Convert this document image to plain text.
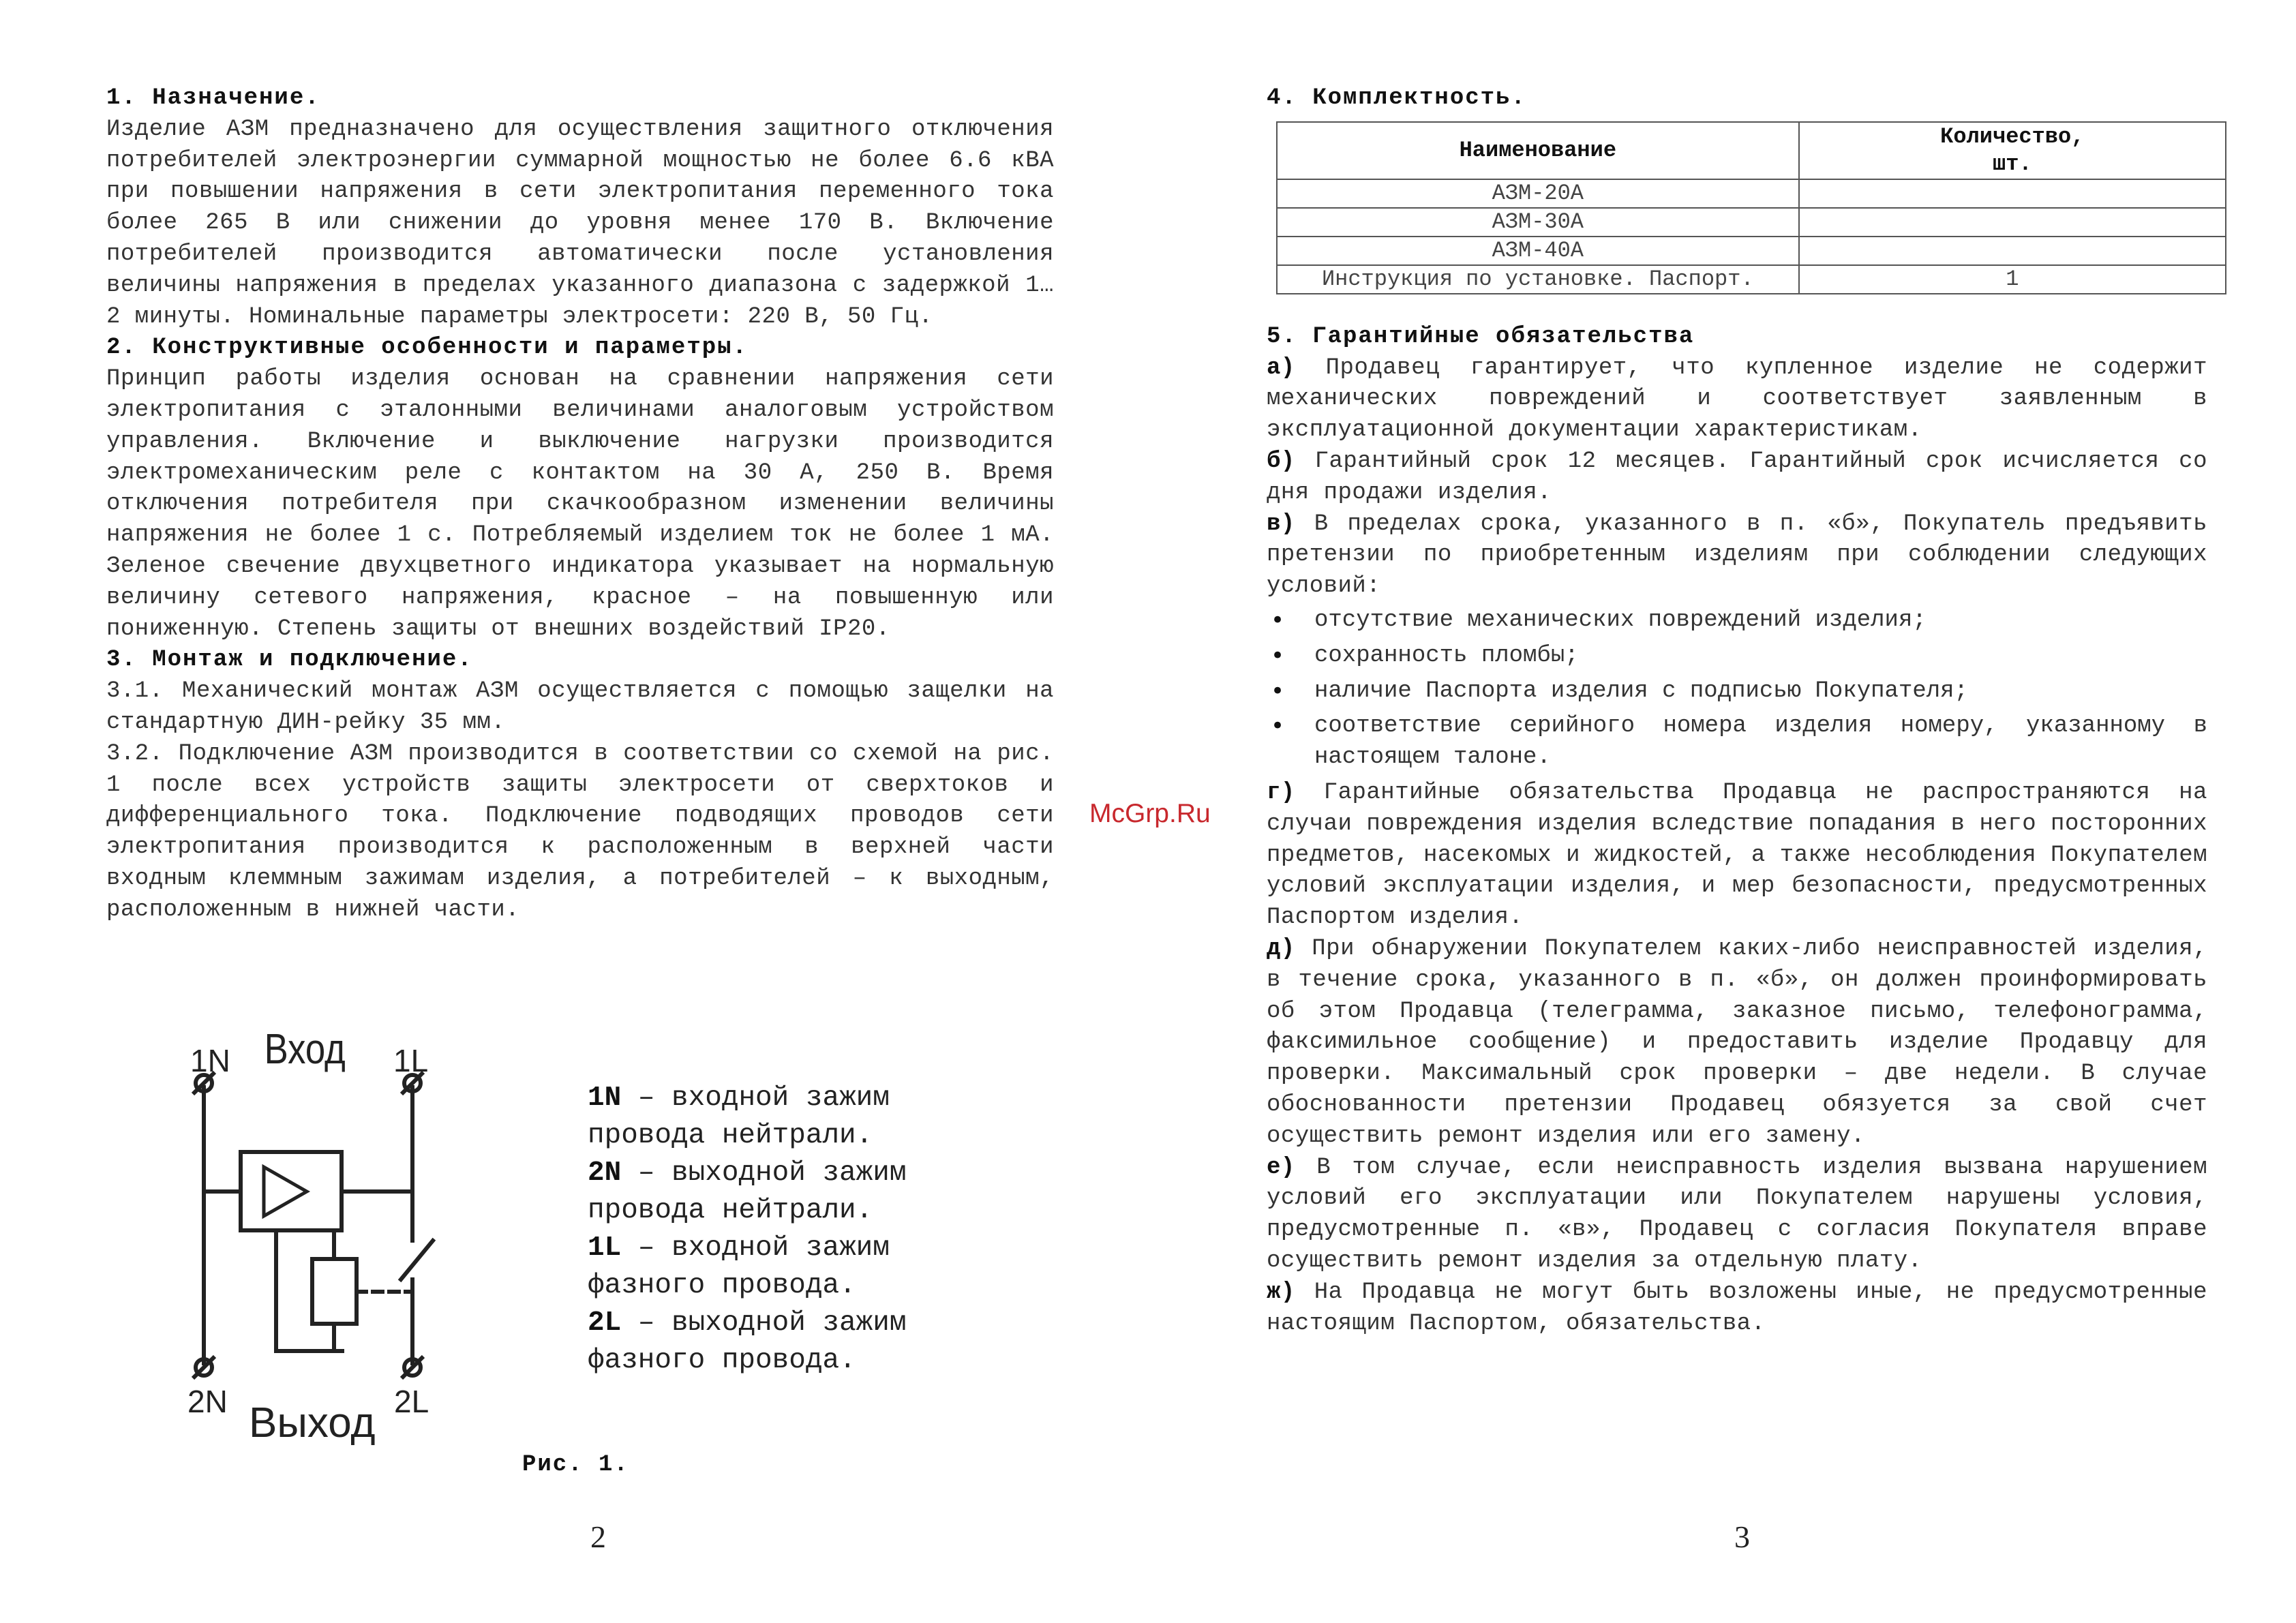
1. Назначение.

Изделие АЗМ предназначено для осуществления защитного отключения потребителей электроэнергии суммарной мощностью не более 6.6 кВА при повышении напряжения в сети электропитания переменного тока более 265 В или снижении до уровня менее 170 В. Включение потребителей производится автоматически после установления величины напряжения в пределах указанного диапазона с задержкой 1…2 минуты. Номинальные параметры электросети: 220 В, 50 Гц.

2. Конструктивные особенности и параметры.

Принцип работы изделия основан на сравнении напряжения сети электропитания с эталонными величинами аналоговым устройством управления. Включение и выключение нагрузки производится электромеханическим реле с контактом на 30 А, 250 В. Время отключения потребителя при скачкообразном изменении величины напряжения не более 1 с. Потребляемый изделием ток не более 1 мА. Зеленое свечение двухцветного индикатора указывает на нормальную величину сетевого напряжения, красное – на повышенную или пониженную. Степень защиты от внешних воздействий IP20.

3. Монтаж и подключение.

3.1. Механический монтаж АЗМ осуществляется с помощью защелки на стандартную ДИН-рейку 35 мм.

3.2. Подключение АЗМ производится в соответствии со схемой на рис. 1 после всех устройств защиты электросети от сверхтоков и дифференциального тока. Подключение подводящих проводов сети электропитания производится к расположенным в верхней части входным клеммным зажимам изделия, а потребителей – к выходным, расположенным в нижней части.

Вход
1N	1L
2N	2L
Выход
1N – входной зажим провода нейтрали.
2N – выходной зажим провода нейтрали.
1L – входной зажим фазного провода.
2L – выходной зажим фазного провода.
Рис. 1.
2	3
McGrp.Ru

4. Комплектность.

Наименование	Количество, шт.
АЗМ-20А	
АЗМ-30А	
АЗМ-40А	
Инструкция по установке. Паспорт.	1

5. Гарантийные обязательства

а) Продавец гарантирует, что купленное изделие не содержит механических повреждений и соответствует заявленным в эксплуатационной документации характеристикам.

б) Гарантийный срок 12 месяцев. Гарантийный срок исчисляется со дня продажи изделия.

в) В пределах срока, указанного в п. «б», Покупатель предъявить претензии по приобретенным изделиям при соблюдении следующих условий:

• отсутствие механических повреждений изделия;
• сохранность пломбы;
• наличие Паспорта изделия с подписью Покупателя;
• соответствие серийного номера изделия номеру, указанному в настоящем талоне.

г) Гарантийные обязательства Продавца не распространяются на случаи повреждения изделия вследствие попадания в него посторонних предметов, насекомых и жидкостей, а также несоблюдения Покупателем условий эксплуатации изделия, и мер безопасности, предусмотренных Паспортом изделия.

д) При обнаружении Покупателем каких-либо неисправностей изделия, в течение срока, указанного в п. «б», он должен проинформировать об этом Продавца (телеграмма, заказное письмо, телефонограмма, факсимильное сообщение) и предоставить изделие Продавцу для проверки. Максимальный срок проверки – две недели. В случае обоснованности претензии Продавец обязуется за свой счет осуществить ремонт изделия или его замену.

е) В том случае, если неисправность изделия вызвана нарушением условий его эксплуатации или Покупателем нарушены условия, предусмотренные п. «в», Продавец с согласия Покупателя вправе осуществить ремонт изделия за отдельную плату.

ж) На Продавца не могут быть возложены иные, не предусмотренные настоящим Паспортом, обязательства.
